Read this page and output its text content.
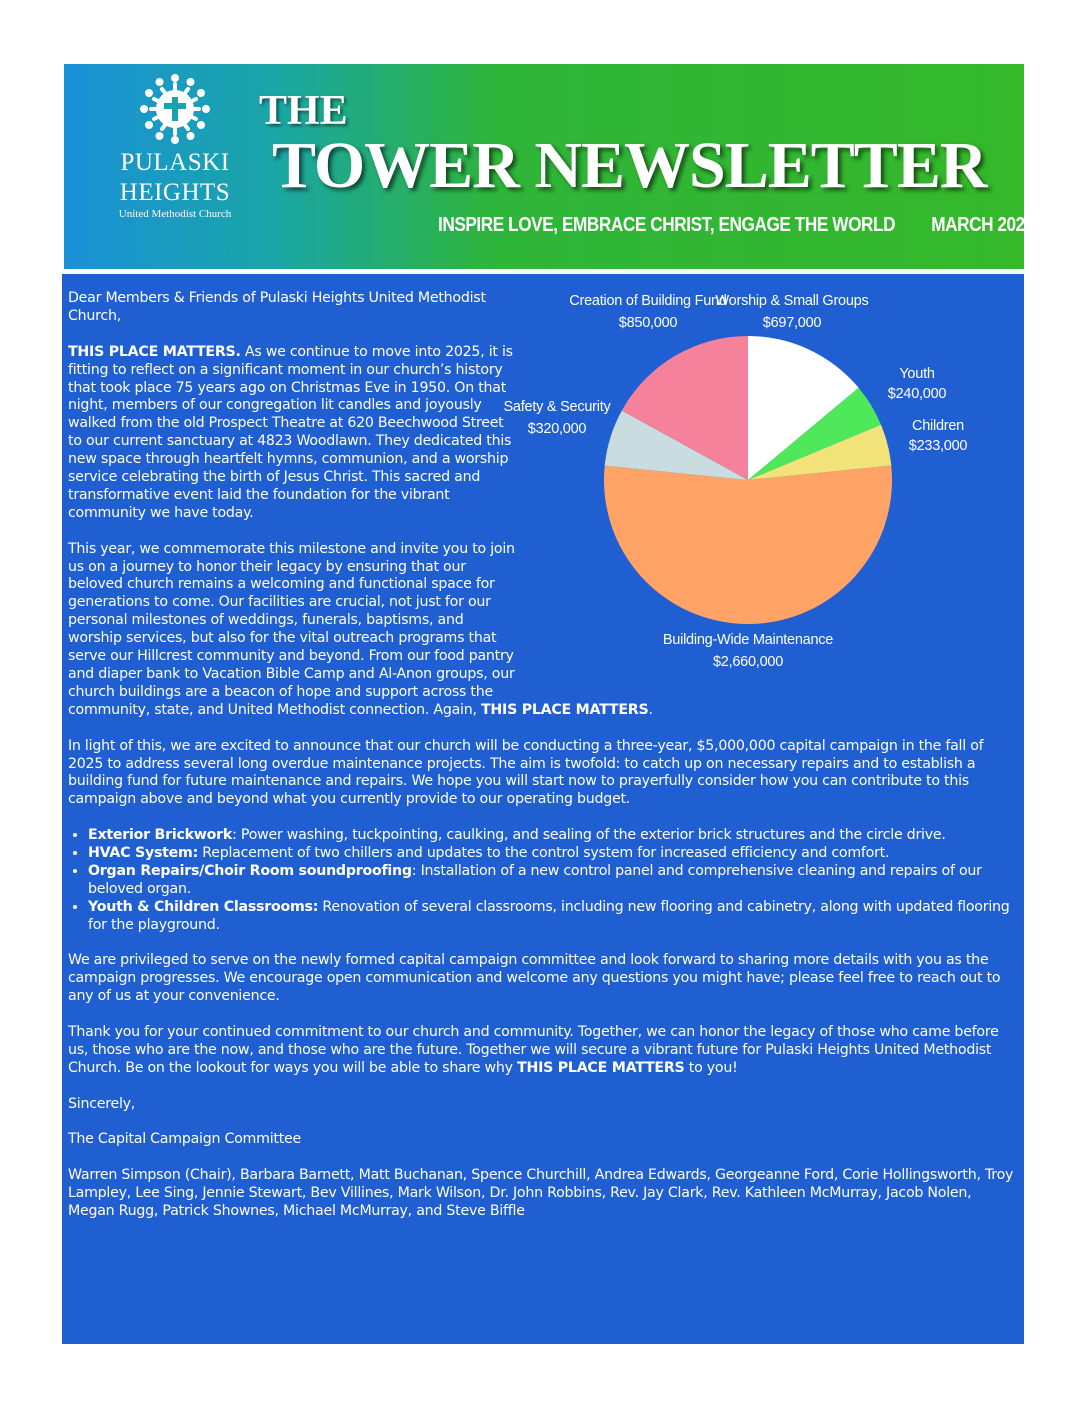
PULASKI
HEIGHTS
United Methodist Church
THE
TOWER NEWSLETTER
INSPIRE LOVE, EMBRACE CHRIST, ENGAGE THE WORLD MARCH 2025
Worship & Small Groups
$697,000
Youth
$240,000
Children
$233,000
Building-Wide Maintenance
$2,660,000
Safety & Security
$320,000
Creation of Building Fund
$850,000

Dear Members & Friends of Pulaski Heights United Methodist Church,

THIS PLACE MATTERS. As we continue to move into 2025, it is fitting to reflect on a significant moment in our church’s history that took place 75 years ago on Christmas Eve in 1950. On that night, members of our congregation lit candles and joyously walked from the old Prospect Theatre at 620 Beechwood Street to our current sanctuary at 4823 Woodlawn. They dedicated this new space through heartfelt hymns, communion, and a worship service celebrating the birth of Jesus Christ. This sacred and transformative event laid the foundation for the vibrant community we have today.

This year, we commemorate this milestone and invite you to join us on a journey to honor their legacy by ensuring that our beloved church remains a welcoming and functional space for generations to come. Our facilities are crucial, not just for our personal milestones of weddings, funerals, baptisms, and worship services, but also for the vital outreach programs that serve our Hillcrest community and beyond. From our food pantry and diaper bank to Vacation Bible Camp and Al-Anon groups, our church buildings are a beacon of hope and support across the community, state, and United Methodist connection. Again, THIS PLACE MATTERS.

In light of this, we are excited to announce that our church will be conducting a three-year, $5,000,000 capital campaign in the fall of 2025 to address several long overdue maintenance projects. The aim is twofold: to catch up on necessary repairs and to establish a building fund for future maintenance and repairs. We hope you will start now to prayerfully consider how you can contribute to this campaign above and beyond what you currently provide to our operating budget.

• Exterior Brickwork: Power washing, tuckpointing, caulking, and sealing of the exterior brick structures and the circle drive.
• HVAC System: Replacement of two chillers and updates to the control system for increased efficiency and comfort.
• Organ Repairs/Choir Room soundproofing: Installation of a new control panel and comprehensive cleaning and repairs of our beloved organ.
• Youth & Children Classrooms: Renovation of several classrooms, including new flooring and cabinetry, along with updated flooring for the playground.

We are privileged to serve on the newly formed capital campaign committee and look forward to sharing more details with you as the campaign progresses. We encourage open communication and welcome any questions you might have; please feel free to reach out to any of us at your convenience.

Thank you for your continued commitment to our church and community. Together, we can honor the legacy of those who came before us, those who are the now, and those who are the future. Together we will secure a vibrant future for Pulaski Heights United Methodist Church. Be on the lookout for ways you will be able to share why THIS PLACE MATTERS to you!

Sincerely,

The Capital Campaign Committee

Warren Simpson (Chair), Barbara Barnett, Matt Buchanan, Spence Churchill, Andrea Edwards, Georgeanne Ford, Corie Hollingsworth, Troy Lampley, Lee Sing, Jennie Stewart, Bev Villines, Mark Wilson, Dr. John Robbins, Rev. Jay Clark, Rev. Kathleen McMurray, Jacob Nolen, Megan Rugg, Patrick Shownes, Michael McMurray, and Steve Biffle
